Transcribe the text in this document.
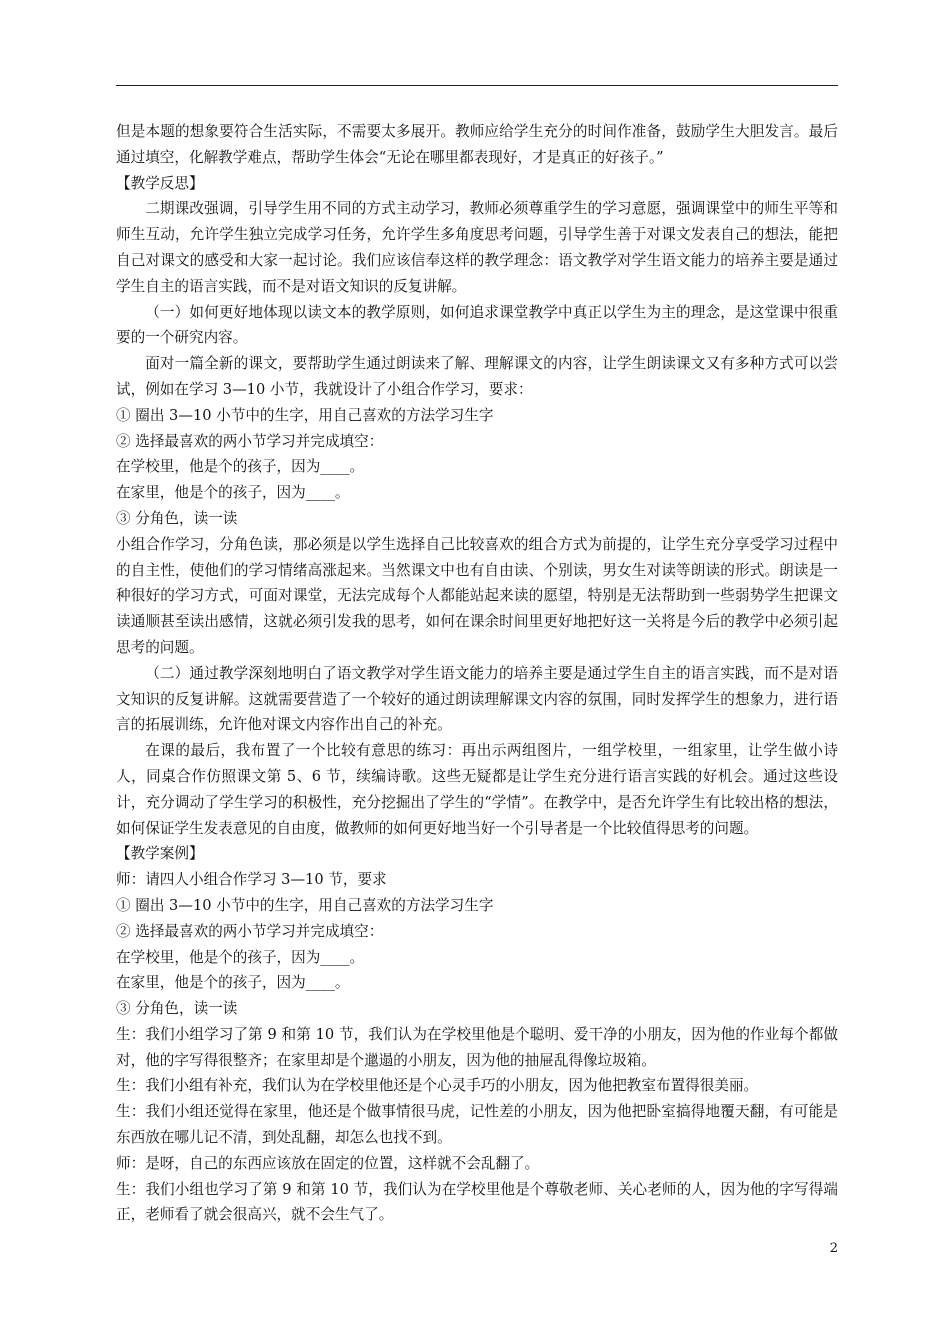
但是本题的想象要符合生活实际，不需要太多展开。教师应给学生充分的时间作准备，鼓励学生大胆发言。最后通过填空，化解教学难点，帮助学生体会“无论在哪里都表现好，才是真正的好孩子。”

【教学反思】

二期课改强调，引导学生用不同的方式主动学习，教师必须尊重学生的学习意愿，强调课堂中的师生平等和师生互动，允许学生独立完成学习任务，允许学生多角度思考问题，引导学生善于对课文发表自己的想法，能把自己对课文的感受和大家一起讨论。我们应该信奉这样的教学理念：语文教学对学生语文能力的培养主要是通过学生自主的语言实践，而不是对语文知识的反复讲解。

（一）如何更好地体现以读文本的教学原则，如何追求课堂教学中真正以学生为主的理念，是这堂课中很重要的一个研究内容。

面对一篇全新的课文，要帮助学生通过朗读来了解、理解课文的内容，让学生朗读课文又有多种方式可以尝试，例如在学习 3—10 小节，我就设计了小组合作学习，要求：

① 圈出 3—10 小节中的生字，用自己喜欢的方法学习生字

② 选择最喜欢的两小节学习并完成填空：

在学校里，他是个的孩子，因为____。

在家里，他是个的孩子，因为____。

③ 分角色，读一读

小组合作学习，分角色读，那必须是以学生选择自己比较喜欢的组合方式为前提的，让学生充分享受学习过程中的自主性，使他们的学习情绪高涨起来。当然课文中也有自由读、个别读，男女生对读等朗读的形式。朗读是一种很好的学习方式，可面对课堂，无法完成每个人都能站起来读的愿望，特别是无法帮助到一些弱势学生把课文读通顺甚至读出感情，这就必须引发我的思考，如何在课余时间里更好地把好这一关将是今后的教学中必须引起思考的问题。

（二）通过教学深刻地明白了语文教学对学生语文能力的培养主要是通过学生自主的语言实践，而不是对语文知识的反复讲解。这就需要营造了一个较好的通过朗读理解课文内容的氛围，同时发挥学生的想象力，进行语言的拓展训练，允许他对课文内容作出自己的补充。

在课的最后，我布置了一个比较有意思的练习：再出示两组图片，一组学校里，一组家里，让学生做小诗人，同桌合作仿照课文第 5、6 节，续编诗歌。这些无疑都是让学生充分进行语言实践的好机会。通过这些设计，充分调动了学生学习的积极性，充分挖掘出了学生的“学情”。在教学中，是否允许学生有比较出格的想法，如何保证学生发表意见的自由度，做教师的如何更好地当好一个引导者是一个比较值得思考的问题。

【教学案例】

师：请四人小组合作学习 3—10 节，要求

① 圈出 3—10 小节中的生字，用自己喜欢的方法学习生字

② 选择最喜欢的两小节学习并完成填空：

在学校里，他是个的孩子，因为____。

在家里，他是个的孩子，因为____。

③ 分角色，读一读

生：我们小组学习了第 9 和第 10 节，我们认为在学校里他是个聪明、爱干净的小朋友，因为他的作业每个都做对，他的字写得很整齐；在家里却是个邋遢的小朋友，因为他的抽屉乱得像垃圾箱。

生：我们小组有补充，我们认为在学校里他还是个心灵手巧的小朋友，因为他把教室布置得很美丽。

生：我们小组还觉得在家里，他还是个做事情很马虎，记性差的小朋友，因为他把卧室搞得地覆天翻，有可能是东西放在哪儿记不清，到处乱翻，却怎么也找不到。

师：是呀，自己的东西应该放在固定的位置，这样就不会乱翻了。

生：我们小组也学习了第 9 和第 10 节，我们认为在学校里他是个尊敬老师、关心老师的人，因为他的字写得端正，老师看了就会很高兴，就不会生气了。

2
